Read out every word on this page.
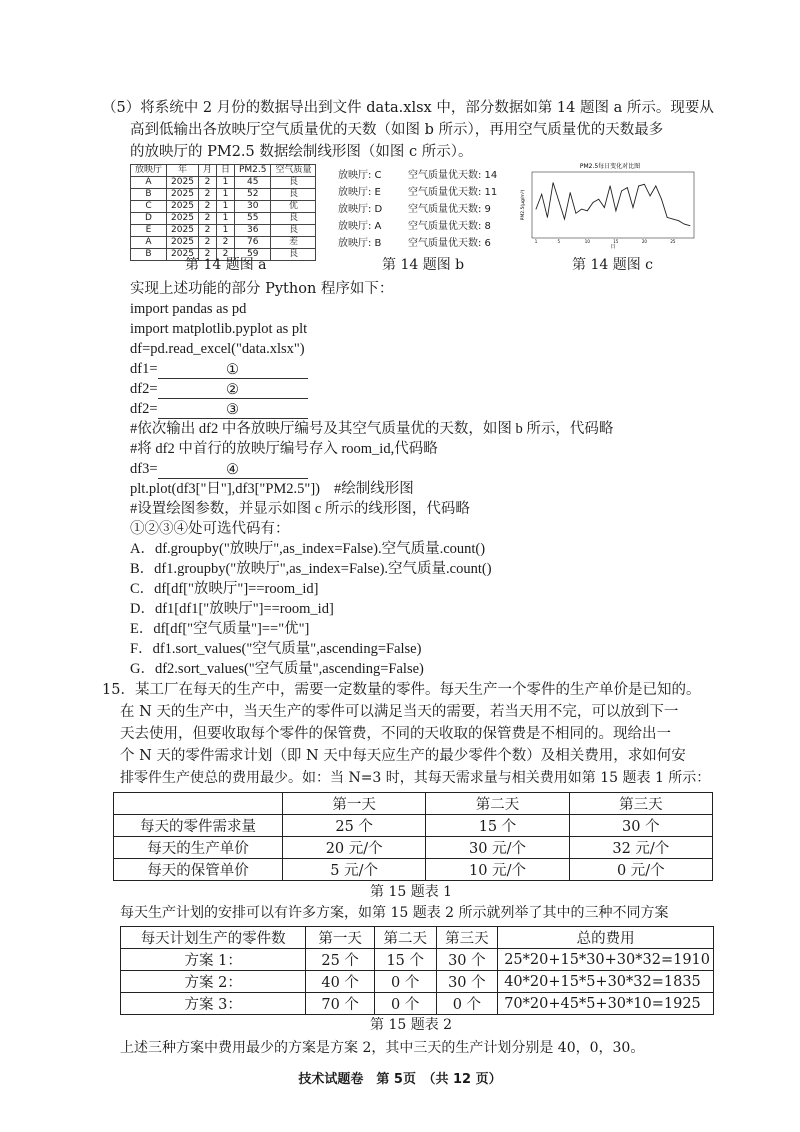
（5）将系统中 2 月份的数据导出到文件 data.xlsx 中，部分数据如第 14 题图 a 所示。现要从
高到低输出各放映厅空气质量优的天数（如图 b 所示），再用空气质量优的天数最多
的放映厅的 PM2.5 数据绘制线形图（如图 c 所示）。
放映厅	年	月	日	PM2.5	空气质量
A	2025	2	1	45	良
B	2025	2	1	52	良
C	2025	2	1	30	优
D	2025	2	1	55	良
E	2025	2	1	36	良
A	2025	2	2	76	差
B	2025	2	2	59	良
放映厅: C	空气质量优天数: 14
放映厅: E	空气质量优天数: 11
放映厅: D	空气质量优天数: 9
放映厅: A	空气质量优天数: 8
放映厅: B	空气质量优天数: 6
PM2.5每日变化对比图
PM2.5(μg/m³)
日
1	5	10	15	20	25
第 14 题图 a	第 14 题图 b	第 14 题图 c
实现上述功能的部分 Python 程序如下：
import pandas as pd
import matplotlib.pyplot as plt
df=pd.read_excel("data.xlsx")
df1=	①
df2=	②
df2=	③
#依次输出 df2 中各放映厅编号及其空气质量优的天数，如图 b 所示，代码略
#将 df2 中首行的放映厅编号存入 room_id,代码略
df3=	④
plt.plot(df3["日"],df3["PM2.5"]) #绘制线形图
#设置绘图参数，并显示如图 c 所示的线形图，代码略
①②③④处可选代码有：
A．df.groupby("放映厅",as_index=False).空气质量.count()
B．df1.groupby("放映厅",as_index=False).空气质量.count()
C．df[df["放映厅"]==room_id]
D．df1[df1["放映厅"]==room_id]
E．df[df["空气质量"]=="优"]
F．df1.sort_values("空气质量",ascending=False)
G．df2.sort_values("空气质量",ascending=False)
15．某工厂在每天的生产中，需要一定数量的零件。每天生产一个零件的生产单价是已知的。
在 N 天的生产中，当天生产的零件可以满足当天的需要，若当天用不完，可以放到下一
天去使用，但要收取每个零件的保管费，不同的天收取的保管费是不相同的。现给出一
个 N 天的零件需求计划（即 N 天中每天应生产的最少零件个数）及相关费用，求如何安
排零件生产使总的费用最少。如：当 N=3 时，其每天需求量与相关费用如第 15 题表 1 所示：
	第一天	第二天	第三天
每天的零件需求量	25 个	15 个	30 个
每天的生产单价	20 元/个	30 元/个	32 元/个
每天的保管单价	5 元/个	10 元/个	0 元/个
第 15 题表 1
每天生产计划的安排可以有许多方案，如第 15 题表 2 所示就列举了其中的三种不同方案
每天计划生产的零件数	第一天	第二天	第三天	总的费用
方案 1：	25 个	15 个	30 个	25*20+15*30+30*32=1910
方案 2：	40 个	0 个	30 个	40*20+15*5+30*32=1835
方案 3：	70 个	0 个	0 个	70*20+45*5+30*10=1925
第 15 题表 2
上述三种方案中费用最少的方案是方案 2，其中三天的生产计划分别是 40，0，30。
技术试题卷　第 5页　（共 12 页）
